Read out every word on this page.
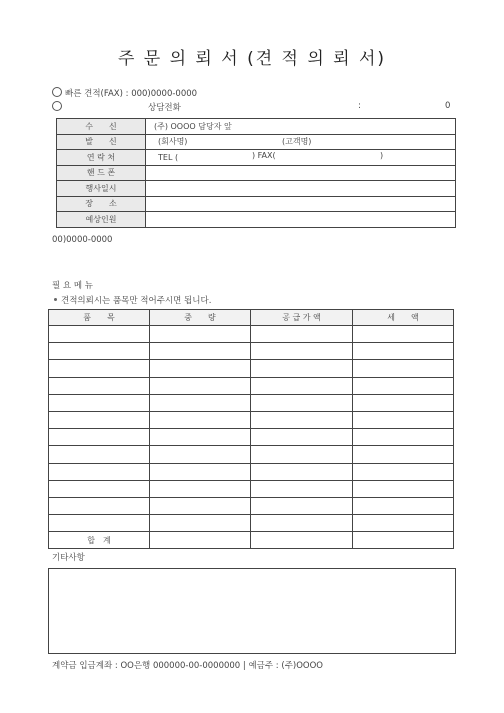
주 문 의 뢰 서 (견 적 의 뢰 서)
빠른 견적(FAX) : 000)0000-0000
상담전화	:	0
수　　신	(주) OOOO 담당자 앞
발　　신	(회사명) (고객명)

연 락 처	TEL ( ) FAX( )

핸 드 폰	
행사일시	
장　　소	
예상인원	
00)0000-0000
필 요 메 뉴
견적의뢰시는 품목만 적어주시면 됩니다.
품　　목	중　　량	공 급 가 액	세　　액

합　계			
기타사항
계약금 입금계좌 : OO은행 000000-00-0000000 | 예금주 : (주)OOOO
